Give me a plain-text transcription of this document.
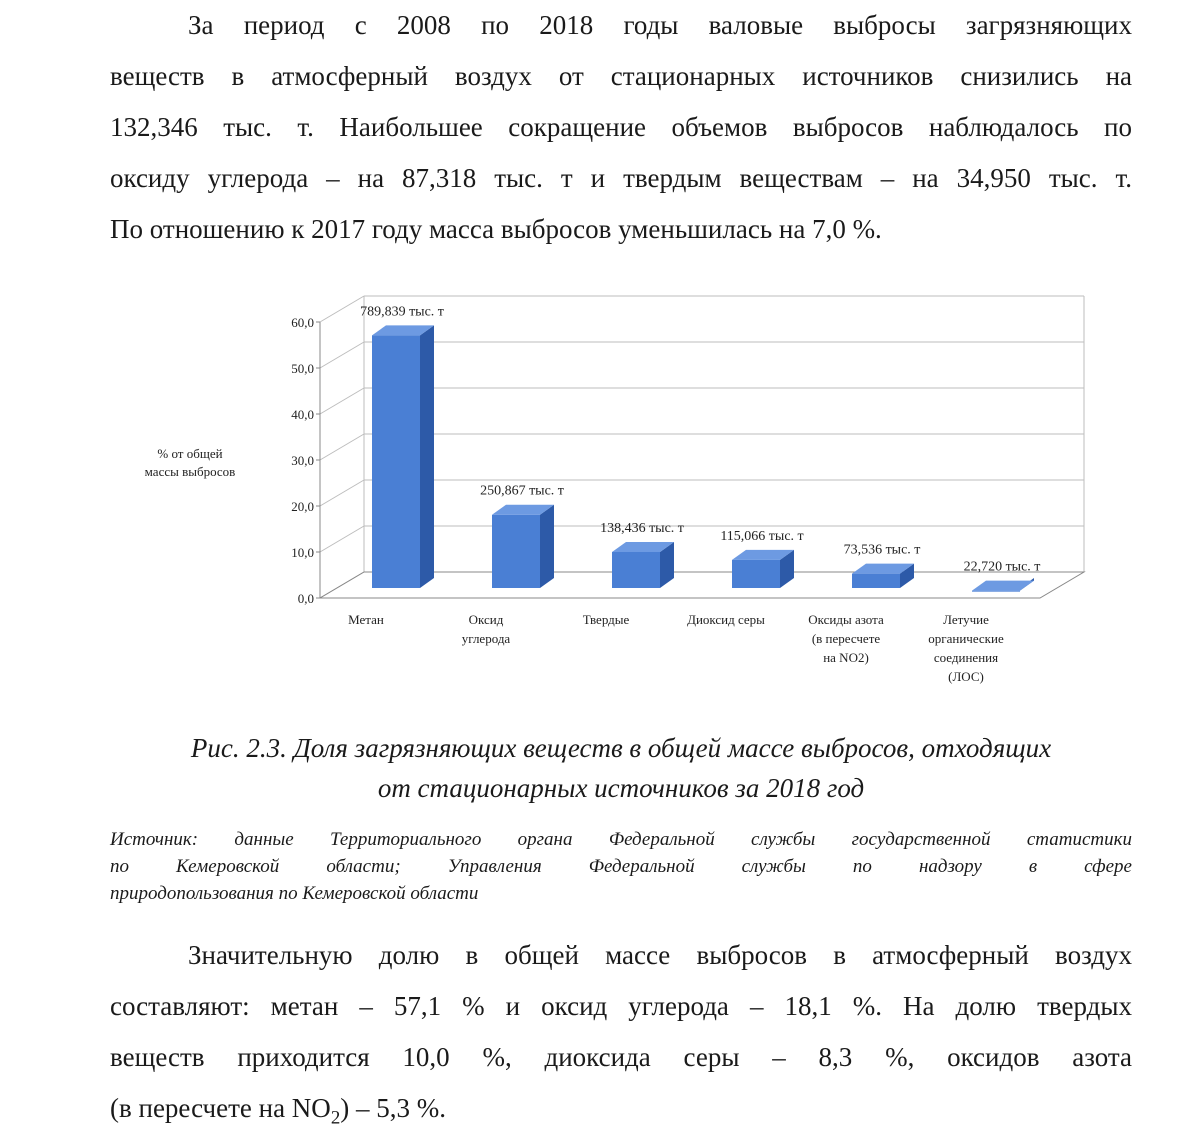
За период с 2008 по 2018 годы валовые выбросы загрязняющих
веществ в атмосферный воздух от стационарных источников снизились на
132,346 тыс. т. Наибольшее сокращение объемов выбросов наблюдалось по
оксиду углерода – на 87,318 тыс. т и твердым веществам – на 34,950 тыс. т.
По отношению к 2017 году масса выбросов уменьшилась на 7,0 %.
0,0
10,0
20,0
30,0
40,0
50,0
60,0
% от общей
массы выбросов
789,839 тыс. т
Метан
250,867 тыс. т
Оксид
углерода
138,436 тыс. т
Твердые
115,066 тыс. т
Диоксид серы
73,536 тыс. т
Оксиды азота
(в пересчете
на NO2)
22,720 тыс. т
Летучие
органические
соединения
(ЛОС)

Рис. 2.3. Доля загрязняющих веществ в общей массе выбросов, отходящих
от стационарных источников за 2018 год

Источник: данные Территориального органа Федеральной службы государственной статистики
по Кемеровской области; Управления Федеральной службы по надзору в сфере
природопользования по Кемеровской области
Значительную долю в общей массе выбросов в атмосферный воздух
составляют: метан – 57,1 % и оксид углерода – 18,1 %. На долю твердых
веществ приходится 10,0 %, диоксида серы – 8,3 %, оксидов азота
(в пересчете на $NO_2) - 5,3$ %.
